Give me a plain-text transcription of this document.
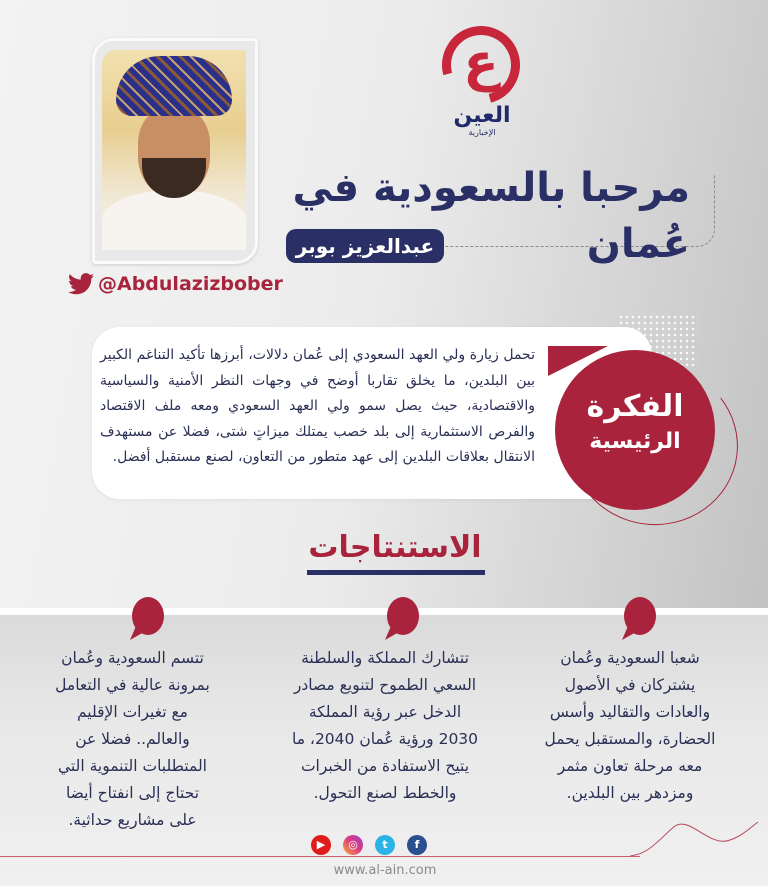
ع
العين
الإخبارية
مرحبا بالسعودية في عُمان
عبدالعزيز بوبر
@Abdulazizbober
تحمل زيارة ولي العهد السعودي إلى عُمان دلالات، أبرزها تأكيد التناغم الكبير بين البلدين، ما يخلق تقاربا أوضح في وجهات النظر الأمنية والسياسية والاقتصادية، حيث يصل سمو ولي العهد السعودي ومعه ملف الاقتصاد والفرص الاستثمارية إلى بلد خصب يمتلك ميزاتٍ شتى، فضلا عن مستهدف الانتقال بعلاقات البلدين إلى عهد متطور من التعاون، لصنع مستقبل أفضل.
الفكرة
الرئيسية
الاستنتاجات
شعبا السعودية وعُمان
يشتركان في الأصول
والعادات والتقاليد وأسس
الحضارة، والمستقبل يحمل
معه مرحلة تعاون مثمر
ومزدهر بين البلدين.
تتشارك المملكة والسلطنة
السعي الطموح لتنويع مصادر
الدخل عبر رؤية المملكة
2030 ورؤية عُمان 2040، ما
يتيح الاستفادة من الخبرات
والخطط لصنع التحول.
تتسم السعودية وعُمان
بمرونة عالية في التعامل
مع تغيرات الإقليم
والعالم.. فضلا عن
المتطلبات التنموية التي
تحتاج إلى انفتاح أيضا
على مشاريع حداثية.
▶	◎	t	f
www.al-ain.com
